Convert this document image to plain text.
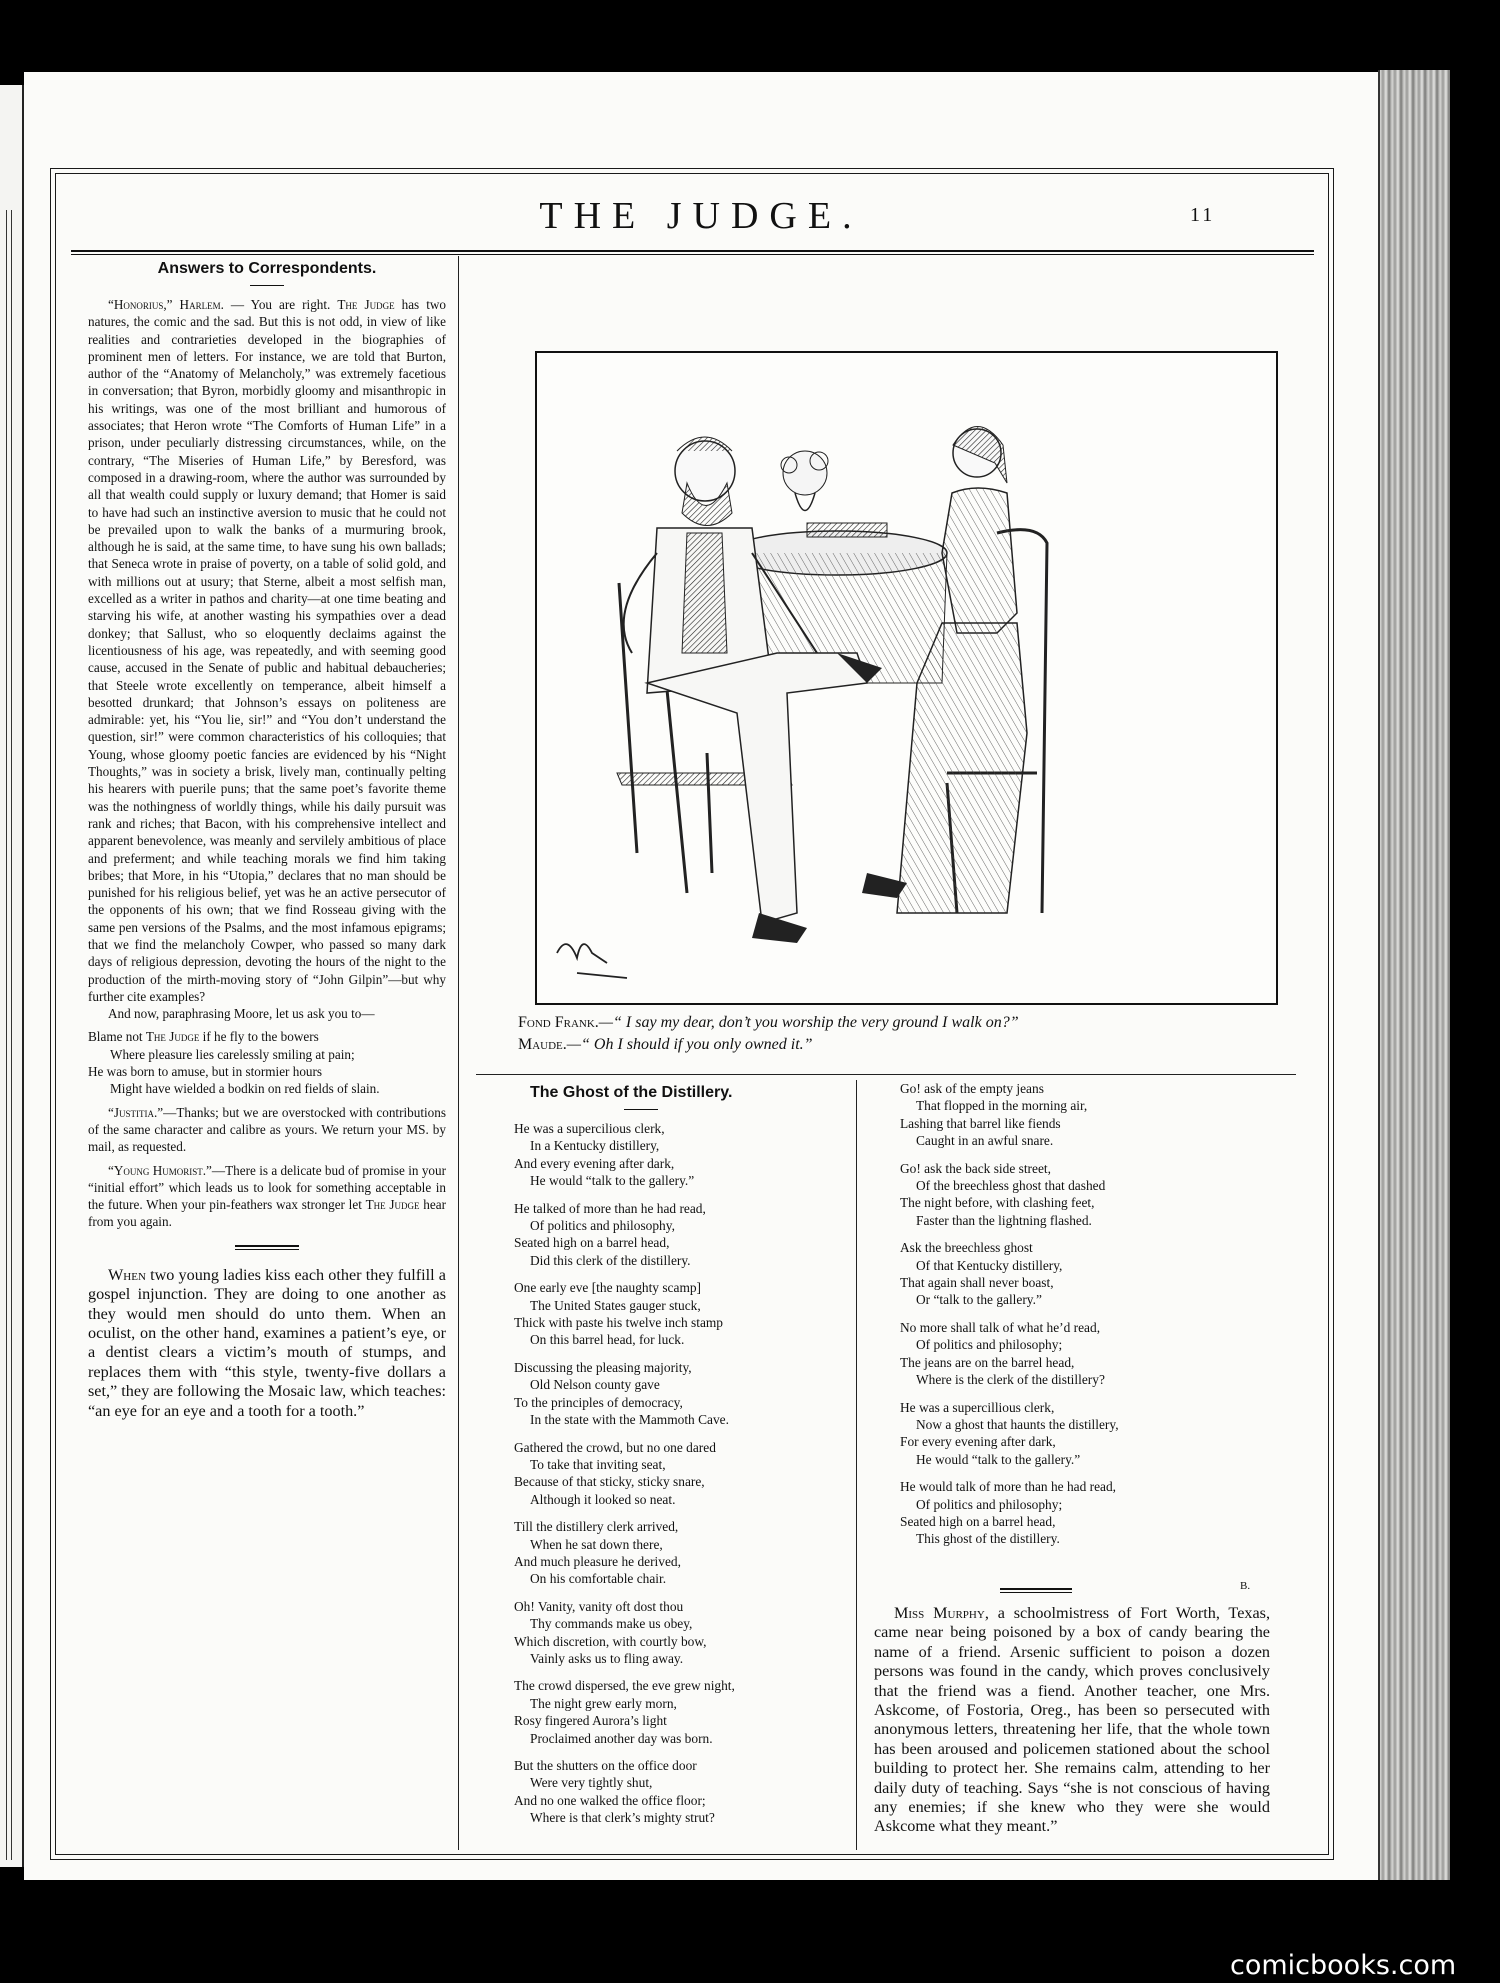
THE JUDGE.	11
Answers to Correspondents.

“Honorius,” Harlem. — You are right. The Judge has two natures, the comic and the sad. But this is not odd, in view of like realities and contrarieties developed in the biographies of prominent men of letters. For instance, we are told that Burton, author of the “Anatomy of Melancholy,” was extremely facetious in conversation; that Byron, morbidly gloomy and misanthropic in his writings, was one of the most brilliant and humorous of associates; that Heron wrote “The Comforts of Human Life” in a prison, under peculiarly distressing circumstances, while, on the contrary, “The Miseries of Human Life,” by Beresford, was composed in a drawing-room, where the author was surrounded by all that wealth could supply or luxury demand; that Homer is said to have had such an instinctive aversion to music that he could not be prevailed upon to walk the banks of a murmuring brook, although he is said, at the same time, to have sung his own ballads; that Seneca wrote in praise of poverty, on a table of solid gold, and with millions out at usury; that Sterne, albeit a most selfish man, excelled as a writer in pathos and charity—at one time beating and starving his wife, at another wasting his sympathies over a dead donkey; that Sallust, who so eloquently declaims against the licentiousness of his age, was repeatedly, and with seeming good cause, accused in the Senate of public and habitual debaucheries; that Steele wrote excellently on temperance, albeit himself a besotted drunkard; that Johnson’s essays on politeness are admirable: yet, his “You lie, sir!” and “You don’t understand the question, sir!” were common characteristics of his colloquies; that Young, whose gloomy poetic fancies are evidenced by his “Night Thoughts,” was in society a brisk, lively man, continually pelting his hearers with puerile puns; that the same poet’s favorite theme was the nothingness of worldly things, while his daily pursuit was rank and riches; that Bacon, with his comprehensive intellect and apparent benevolence, was meanly and servilely ambitious of place and preferment; and while teaching morals we find him taking bribes; that More, in his “Utopia,” declares that no man should be punished for his religious belief, yet was he an active persecutor of the opponents of his own; that we find Rosseau giving with the same pen versions of the Psalms, and the most infamous epigrams; that we find the melancholy Cowper, who passed so many dark days of religious depression, devoting the hours of the night to the production of the mirth-moving story of “John Gilpin”—but why further cite examples?

And now, paraphrasing Moore, let us ask you to—

Blame not The Judge if he fly to the bowers
Where pleasure lies carelessly smiling at pain;
He was born to amuse, but in stormier hours
Might have wielded a bodkin on red fields of slain.

“Justitia.”—Thanks; but we are overstocked with contributions of the same character and calibre as yours. We return your MS. by mail, as requested.

“Young Humorist.”—There is a delicate bud of promise in your “initial effort” which leads us to look for something acceptable in the future. When your pin-feathers wax stronger let The Judge hear from you again.

When two young ladies kiss each other they fulfill a gospel injunction. They are doing to one another as they would men should do unto them. When an oculist, on the other hand, examines a patient’s eye, or a dentist clears a victim’s mouth of stumps, and replaces them with “this style, twenty-five dollars a set,” they are following the Mosaic law, which teaches: “an eye for an eye and a tooth for a tooth.”

Fond Frank.—“ I say my dear, don’t you worship the very ground I walk on?”
Maude.—“ Oh I should if you only owned it.”
The Ghost of the Distillery.
He was a supercilious clerk,
In a Kentucky distillery,
And every evening after dark,
He would “talk to the gallery.”
He talked of more than he had read,
Of politics and philosophy,
Seated high on a barrel head,
Did this clerk of the distillery.
One early eve [the naughty scamp]
The United States gauger stuck,
Thick with paste his twelve inch stamp
On this barrel head, for luck.
Discussing the pleasing majority,
Old Nelson county gave
To the principles of democracy,
In the state with the Mammoth Cave.
Gathered the crowd, but no one dared
To take that inviting seat,
Because of that sticky, sticky snare,
Although it looked so neat.
Till the distillery clerk arrived,
When he sat down there,
And much pleasure he derived,
On his comfortable chair.
Oh! Vanity, vanity oft dost thou
Thy commands make us obey,
Which discretion, with courtly bow,
Vainly asks us to fling away.
The crowd dispersed, the eve grew night,
The night grew early morn,
Rosy fingered Aurora’s light
Proclaimed another day was born.
But the shutters on the office door
Were very tightly shut,
And no one walked the office floor;
Where is that clerk’s mighty strut?
Go! ask of the empty jeans
That flopped in the morning air,
Lashing that barrel like fiends
Caught in an awful snare.
Go! ask the back side street,
Of the breechless ghost that dashed
The night before, with clashing feet,
Faster than the lightning flashed.
Ask the breechless ghost
Of that Kentucky distillery,
That again shall never boast,
Or “talk to the gallery.”
No more shall talk of what he’d read,
Of politics and philosophy;
The jeans are on the barrel head,
Where is the clerk of the distillery?
He was a supercillious clerk,
Now a ghost that haunts the distillery,
For every evening after dark,
He would “talk to the gallery.”
He would talk of more than he had read,
Of politics and philosophy;
Seated high on a barrel head,
This ghost of the distillery.
B.

Miss Murphy, a schoolmistress of Fort Worth, Texas, came near being poisoned by a box of candy bearing the name of a friend. Arsenic sufficient to poison a dozen persons was found in the candy, which proves conclusively that the friend was a fiend. Another teacher, one Mrs. Askcome, of Fostoria, Oreg., has been so persecuted with anonymous letters, threatening her life, that the whole town has been aroused and policemen stationed about the school building to protect her. She remains calm, attending to her daily duty of teaching. Says “she is not conscious of having any enemies; if she knew who they were she would Askcome what they meant.”

comicbooks.com
